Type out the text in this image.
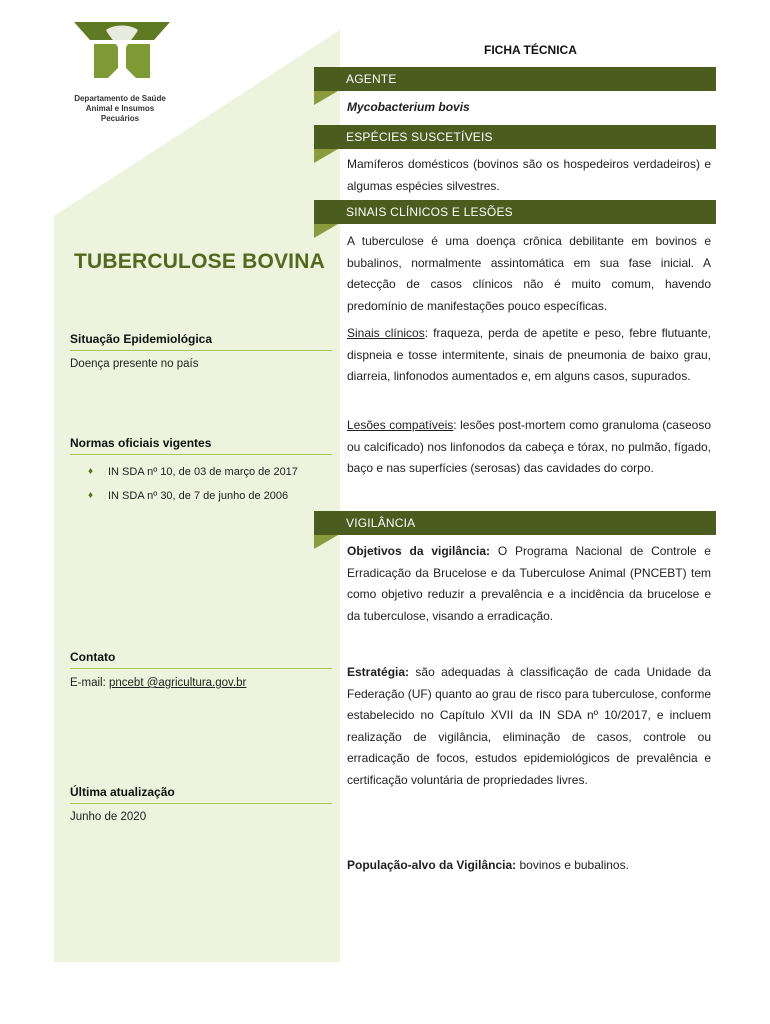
Departamento de Saúde
Animal e Insumos
Pecuários
TUBERCULOSE BOVINA
Situação Epidemiológica
Doença presente no país
Normas oficiais vigentes
♦ IN SDA nº 10, de 03 de março de 2017
♦ IN SDA nº 30, de 7 de junho de 2006
Contato
E-mail: pncebt @agricultura.gov.br
Última atualização
Junho de 2020
FICHA TÉCNICA
AGENTE
Mycobacterium bovis
ESPÉCIES SUSCETÍVEIS
Mamíferos domésticos (bovinos são os hospedeiros verdadeiros) e algumas espécies silvestres.
SINAIS CLÍNICOS E LESÕES
A tuberculose é uma doença crônica debilitante em bovinos e bubalinos, normalmente assintomática em sua fase inicial. A detecção de casos clínicos não é muito comum, havendo predomínio de manifestações pouco específicas.
Sinais clínicos: fraqueza, perda de apetite e peso, febre flutuante, dispneia e tosse intermitente, sinais de pneumonia de baixo grau, diarreia, linfonodos aumentados e, em alguns casos, supurados.
Lesões compatíveis: lesões post-mortem como granuloma (caseoso ou calcificado) nos linfonodos da cabeça e tórax, no pulmão, fígado, baço e nas superfícies (serosas) das cavidades do corpo.
VIGILÂNCIA
Objetivos da vigilância: O Programa Nacional de Controle e Erradicação da Brucelose e da Tuberculose Animal (PNCEBT) tem como objetivo reduzir a prevalência e a incidência da brucelose e da tuberculose, visando a erradicação.
Estratégia: são adequadas à classificação de cada Unidade da Federação (UF) quanto ao grau de risco para tuberculose, conforme estabelecido no Capítulo XVII da IN SDA nº 10/2017, e incluem realização de vigilância, eliminação de casos, controle ou erradicação de focos, estudos epidemiológicos de prevalência e certificação voluntária de propriedades livres.
População-alvo da Vigilância: bovinos e bubalinos.
